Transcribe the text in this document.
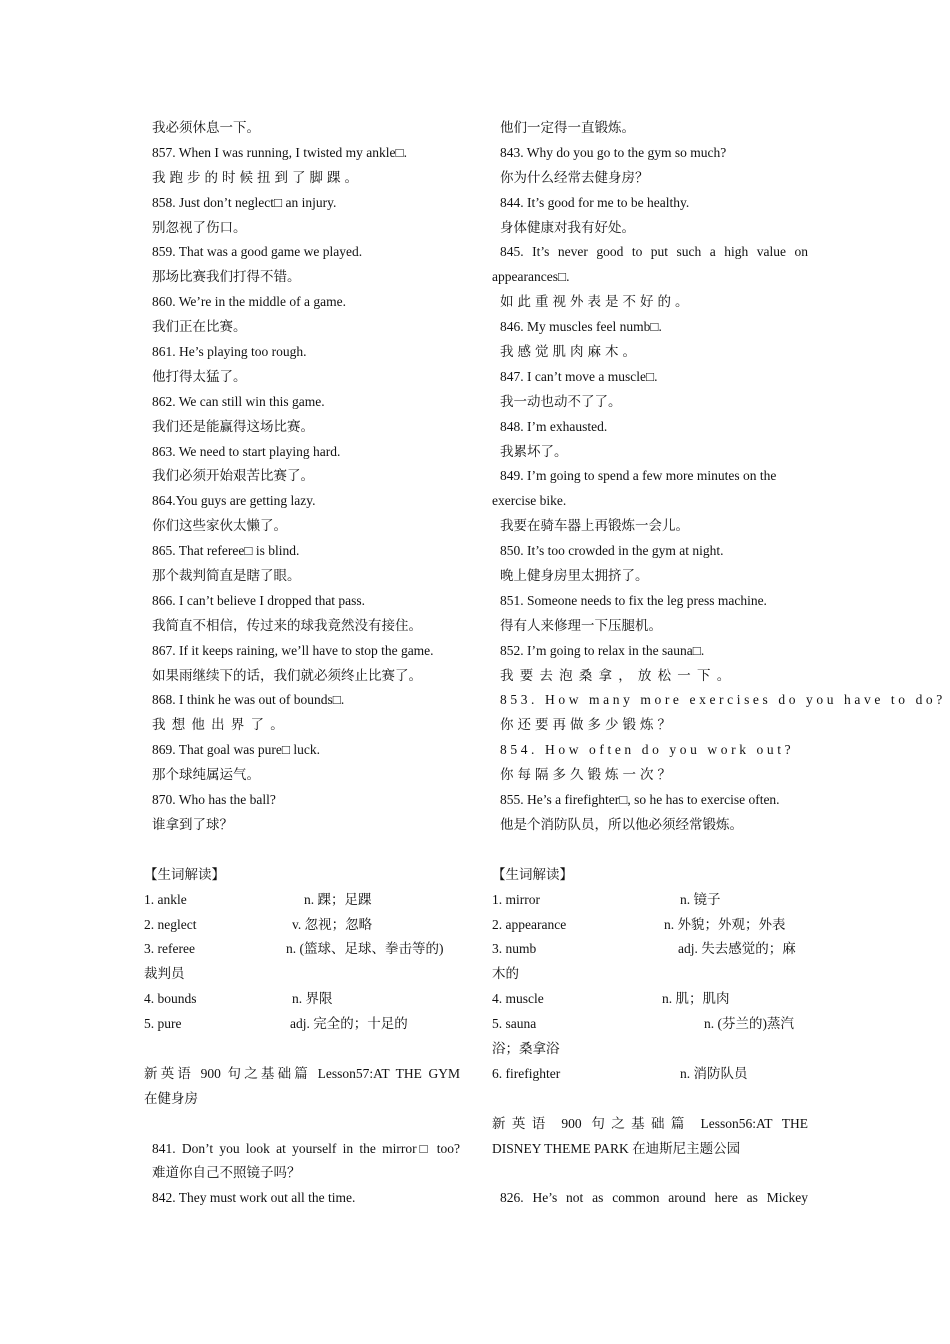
我必须休息一下。
857. When I was running, I twisted my ankle□.
我跑步的时候扭到了脚踝。
858. Just don’t neglect□ an injury.
别忽视了伤口。
859. That was a good game we played.
那场比赛我们打得不错。
860. We’re in the middle of a game.
我们正在比赛。
861. He’s playing too rough.
他打得太猛了。
862. We can still win this game.
我们还是能赢得这场比赛。
863. We need to start playing hard.
我们必须开始艰苦比赛了。
864.You guys are getting lazy.
你们这些家伙太懒了。
865. That referee□ is blind.
那个裁判简直是瞎了眼。
866. I can’t believe I dropped that pass.
我简直不相信，传过来的球我竟然没有接住。
867. If it keeps raining, we’ll have to stop the game.
如果雨继续下的话，我们就必须终止比赛了。
868. I think he was out of bounds□.
我想他出界了。
869. That goal was pure□ luck.
那个球纯属运气。
870. Who has the ball?
谁拿到了球？
【生词解读】
1. ankle	n. 踝；足踝
2. neglect	v. 忽视；忽略
3. referee	n. (篮球、足球、拳击等的)
裁判员
4. bounds	n. 界限
5. pure	adj. 完全的；十足的
新英语 900 句之基础篇 Lesson57:AT THE GYM
在健身房
841. Don’t you look at yourself in the mirror□ too?
难道你自己不照镜子吗？
842. They must work out all the time.
他们一定得一直锻炼。
843. Why do you go to the gym so much?
你为什么经常去健身房？
844. It’s good for me to be healthy.
身体健康对我有好处。
845. It’s never good to put such a high value on
appearances□.
如此重视外表是不好的。
846. My muscles feel numb□.
我感觉肌肉麻木。
847. I can’t move a muscle□.
我一动也动不了了。
848. I’m exhausted.
我累坏了。
849. I’m going to spend a few more minutes on the
exercise bike.
我要在骑车器上再锻炼一会儿。
850. It’s too crowded in the gym at night.
晚上健身房里太拥挤了。
851. Someone needs to fix the leg press machine.
得有人来修理一下压腿机。
852. I’m going to relax in the sauna□.
我要去泡桑拿，放松一下。
853. How many more exercises do you have to do?
你还要再做多少锻炼？
854. How often do you work out?
你每隔多久锻炼一次？
855. He’s a firefighter□, so he has to exercise often.
他是个消防队员，所以他必须经常锻炼。
【生词解读】
1. mirror	n. 镜子
2. appearance	n. 外貌；外观；外表
3. numb	adj. 失去感觉的；麻
木的
4. muscle	n. 肌；肌肉
5. sauna	n. (芬兰的)蒸汽
浴；桑拿浴
6. firefighter	n. 消防队员
新英语 900 句之基础篇 Lesson56:AT THE
DISNEY THEME PARK 在迪斯尼主题公园
826. He’s not as common around here as Mickey
